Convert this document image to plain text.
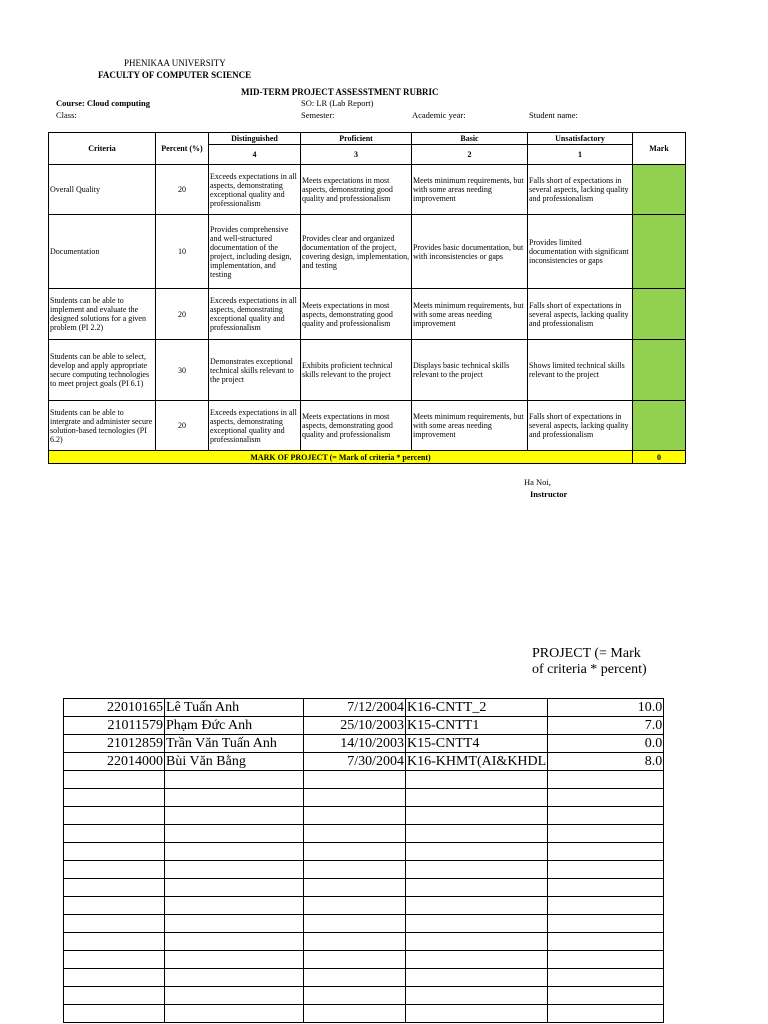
PHENIKAA UNIVERSITY
FACULTY OF COMPUTER SCIENCE
MID-TERM PROJECT ASSESSTMENT RUBRIC
Course: Cloud computing	SO: LR (Lab Report)
Class:	Semester:	Academic year:	Student name:
Criteria	Percent (%)	Distinguished	Proficient	Basic	Unsatisfactory	Mark
		4	3	2	1	
Overall Quality	20	Exceeds expectations in all aspects, demonstrating exceptional quality and professionalism	Meets expectations in most aspects, demonstrating good quality and professionalism	Meets minimum requirements, but with some areas needing improvement	Falls short of expectations in several aspects, lacking quality and professionalism	
Documentation	10	Provides comprehensive and well-structured documentation of the project, including design, implementation, and testing	Provides clear and organized documentation of the project, covering design, implementation, and testing	Provides basic documentation, but with inconsistencies or gaps	Provides limited documentation with significant inconsistencies or gaps	
Students can be able to implement and evaluate the designed solutions for a given problem (PI 2.2)	20	Exceeds expectations in all aspects, demonstrating exceptional quality and professionalism	Meets expectations in most aspects, demonstrating good quality and professionalism	Meets minimum requirements, but with some areas needing improvement	Falls short of expectations in several aspects, lacking quality and professionalism	
Students can be able to select, develop and apply appropriate secure computing technologies to meet project goals (PI 6.1)	30	Demonstrates exceptional technical skills relevant to the project	Exhibits proficient technical skills relevant to the project	Displays basic technical skills relevant to the project	Shows limited technical skills relevant to the project	
Students can be able to intergrate and administer secure solution-based tecnologies (PI 6.2)	20	Exceeds expectations in all aspects, demonstrating exceptional quality and professionalism	Meets expectations in most aspects, demonstrating good quality and professionalism	Meets minimum requirements, but with some areas needing improvement	Falls short of expectations in several aspects, lacking quality and professionalism	
MARK OF PROJECT (= Mark of criteria * percent)						0
Ha Noi,
Instructor
PROJECT (= Mark of criteria * percent)
22010165	Lê Tuấn Anh	7/12/2004	K16-CNTT_2	10.0
21011579	Phạm Đức Anh	25/10/2003	K15-CNTT1	7.0
21012859	Trần Văn Tuấn Anh	14/10/2003	K15-CNTT4	0.0
22014000	Bùi Văn Bằng	7/30/2004	K16-KHMT(AI&KHDL	8.0
